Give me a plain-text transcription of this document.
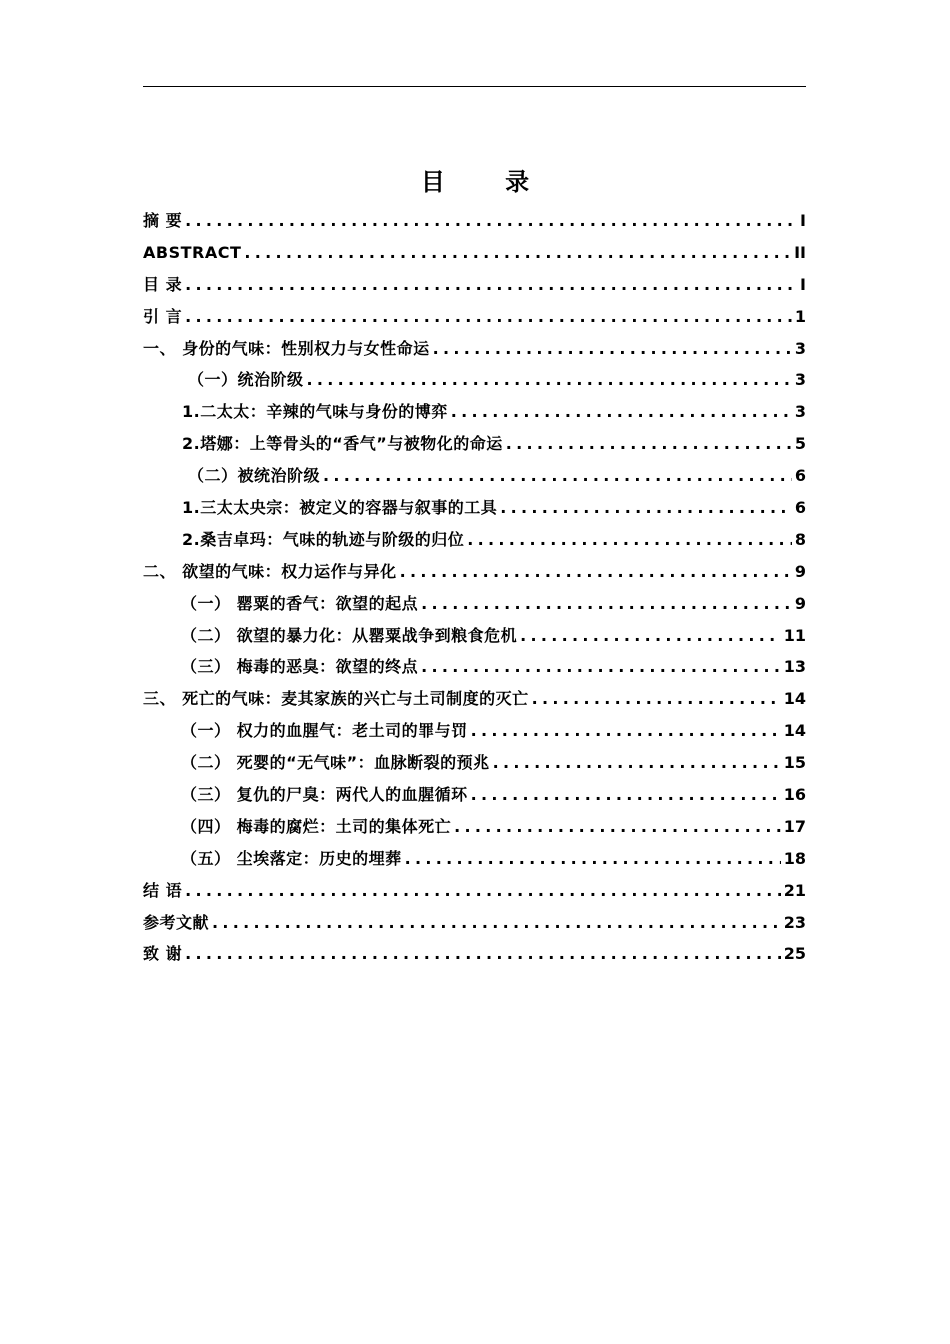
目 录
摘 要 .....	I
ABSTRACT .....	II
目 录 .....	I
引 言 .....	1
一、 身份的气味：性别权力与女性命运 .....	3
（一）统治阶级 .....	3
1.二太太：辛辣的气味与身份的博弈 .....	3
2.塔娜：上等骨头的“香气”与被物化的命运 .....	5
（二）被统治阶级 .....	6
1.三太太央宗：被定义的容器与叙事的工具 .....	6
2.桑吉卓玛：气味的轨迹与阶级的归位 .....	8
二、 欲望的气味：权力运作与异化 .....	9
（一） 罂粟的香气：欲望的起点 .....	9
（二） 欲望的暴力化：从罂粟战争到粮食危机 .....	11
（三） 梅毒的恶臭：欲望的终点 .....	13
三、 死亡的气味：麦其家族的兴亡与土司制度的灭亡 .....	14
（一） 权力的血腥气：老土司的罪与罚 .....	14
（二） 死婴的“无气味”：血脉断裂的预兆 .....	15
（三） 复仇的尸臭：两代人的血腥循环 .....	16
（四） 梅毒的腐烂：土司的集体死亡 .....	17
（五） 尘埃落定：历史的埋葬 .....	18
结 语 .....	21
参考文献 .....	23
致 谢 .....	25
